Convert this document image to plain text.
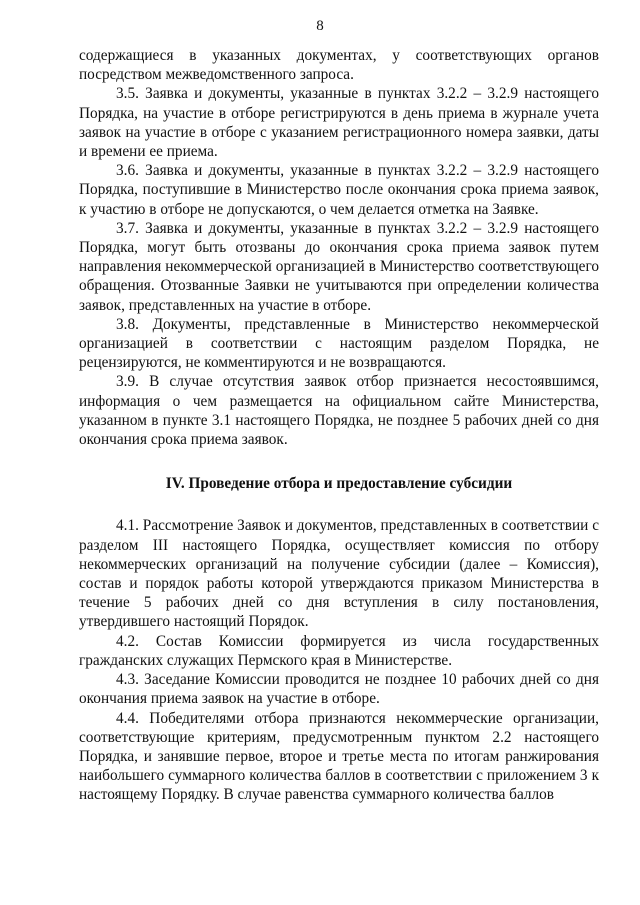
8

содержащиеся в указанных документах, у соответствующих органов посредством межведомственного запроса.

3.5. Заявка и документы, указанные в пунктах 3.2.2 – 3.2.9 настоящего Порядка, на участие в отборе регистрируются в день приема в журнале учета заявок на участие в отборе с указанием регистрационного номера заявки, даты и времени ее приема.

3.6. Заявка и документы, указанные в пунктах 3.2.2 – 3.2.9 настоящего Порядка, поступившие в Министерство после окончания срока приема заявок, к участию в отборе не допускаются, о чем делается отметка на Заявке.

3.7. Заявка и документы, указанные в пунктах 3.2.2 – 3.2.9 настоящего Порядка, могут быть отозваны до окончания срока приема заявок путем направления некоммерческой организацией в Министерство соответствующего обращения. Отозванные Заявки не учитываются при определении количества заявок, представленных на участие в отборе.

3.8. Документы, представленные в Министерство некоммерческой организацией в соответствии с настоящим разделом Порядка, не рецензируются, не комментируются и не возвращаются.

3.9. В случае отсутствия заявок отбор признается несостоявшимся, информация о чем размещается на официальном сайте Министерства, указанном в пункте 3.1 настоящего Порядка, не позднее 5 рабочих дней со дня окончания срока приема заявок.

IV. Проведение отбора и предоставление субсидии

4.1. Рассмотрение Заявок и документов, представленных в соответствии с разделом III настоящего Порядка, осуществляет комиссия по отбору некоммерческих организаций на получение субсидии (далее – Комиссия), состав и порядок работы которой утверждаются приказом Министерства в течение 5 рабочих дней со дня вступления в силу постановления, утвердившего настоящий Порядок.

4.2. Состав Комиссии формируется из числа государственных гражданских служащих Пермского края в Министерстве.

4.3. Заседание Комиссии проводится не позднее 10 рабочих дней со дня окончания приема заявок на участие в отборе.

4.4. Победителями отбора признаются некоммерческие организации, соответствующие критериям, предусмотренным пунктом 2.2 настоящего Порядка, и занявшие первое, второе и третье места по итогам ранжирования наибольшего суммарного количества баллов в соответствии с приложением 3 к настоящему Порядку. В случае равенства суммарного количества баллов
